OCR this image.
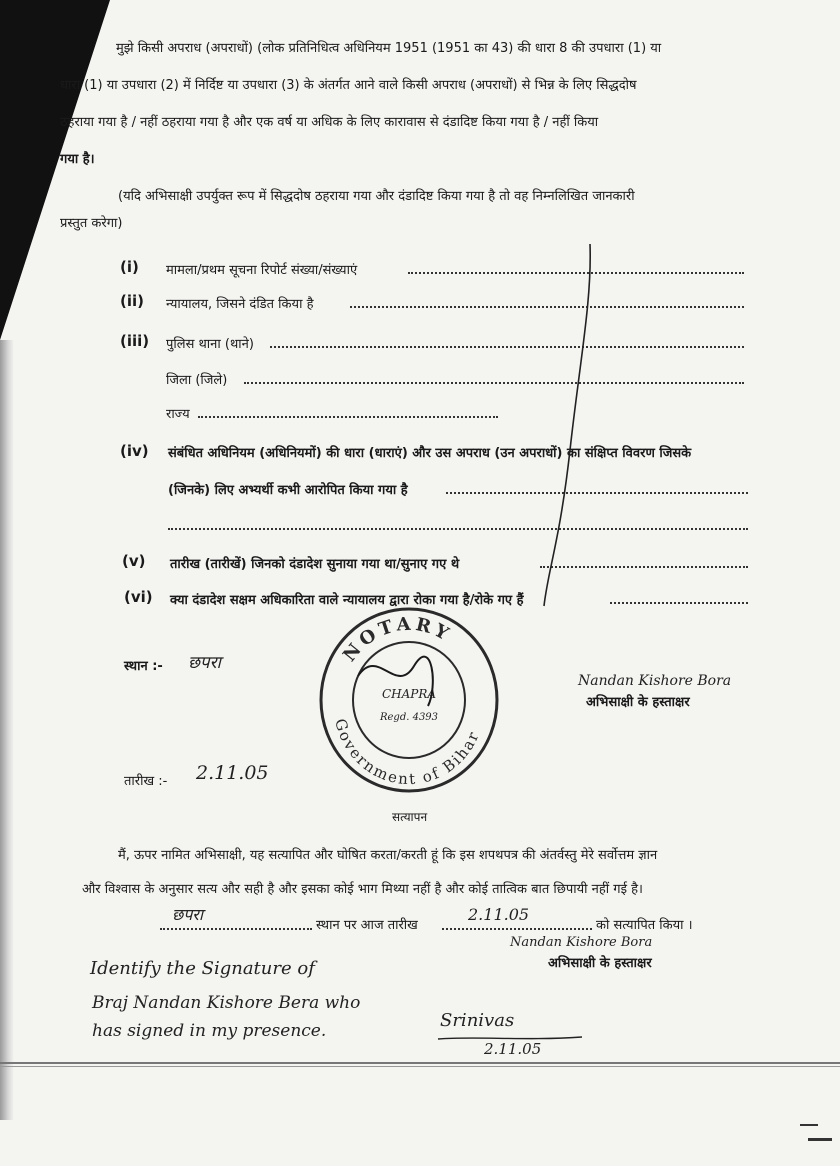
मुझे किसी अपराध (अपराधों) (लोक प्रतिनिधित्व अधिनियम 1951 (1951 का 43) की धारा 8 की उपधारा (1) या
धारा (1) या उपधारा (2) में निर्दिष्ट या उपधारा (3) के अंतर्गत आने वाले किसी अपराध (अपराधों) से भिन्न के लिए सिद्धदोष
ठहराया गया है / नहीं ठहराया गया है और एक वर्ष या अधिक के लिए कारावास से दंडादिष्ट किया गया है / नहीं किया
गया है।
(यदि अभिसाक्षी उपर्युक्त रूप में सिद्धदोष ठहराया गया और दंडादिष्ट किया गया है तो वह निम्नलिखित जानकारी
प्रस्तुत करेगा)
(i) मामला/प्रथम सूचना रिपोर्ट संख्या/संख्याएं
(ii) न्यायालय, जिसने दंडित किया है
(iii) पुलिस थाना (थाने)
जिला (जिले)
राज्य
(iv) संबंधित अधिनियम (अधिनियमों) की धारा (धाराएं) और उस अपराध (उन अपराधों) का संक्षिप्त विवरण जिसके
(जिनके) लिए अभ्यर्थी कभी आरोपित किया गया है
(v) तारीख (तारीखें) जिनको दंडादेश सुनाया गया था/सुनाए गए थे
(vi) क्या दंडादेश सक्षम अधिकारिता वाले न्यायालय द्वारा रोका गया है/रोके गए हैं
स्थान :- छपरा
तारीख :- 2.11.05
NOTARY
Government of Bihar
CHAPRA
Regd. 4393
Nandan Kishore Bora
अभिसाक्षी के हस्ताक्षर
सत्यापन
मैं, ऊपर नामित अभिसाक्षी, यह सत्यापित और घोषित करता/करती हूं कि इस शपथपत्र की अंतर्वस्तु मेरे सर्वोत्तम ज्ञान
और विश्वास के अनुसार सत्य और सही है और इसका कोई भाग मिथ्या नहीं है और कोई तात्विक बात छिपायी नहीं गई है।
छपरा
स्थान पर आज तारीख
2.11.05
को सत्यापित किया ।
Nandan Kishore Bora
अभिसाक्षी के हस्ताक्षर
Identify the Signature of
Braj Nandan Kishore Bera who
has signed in my presence.	Srinivas
2.11.05
